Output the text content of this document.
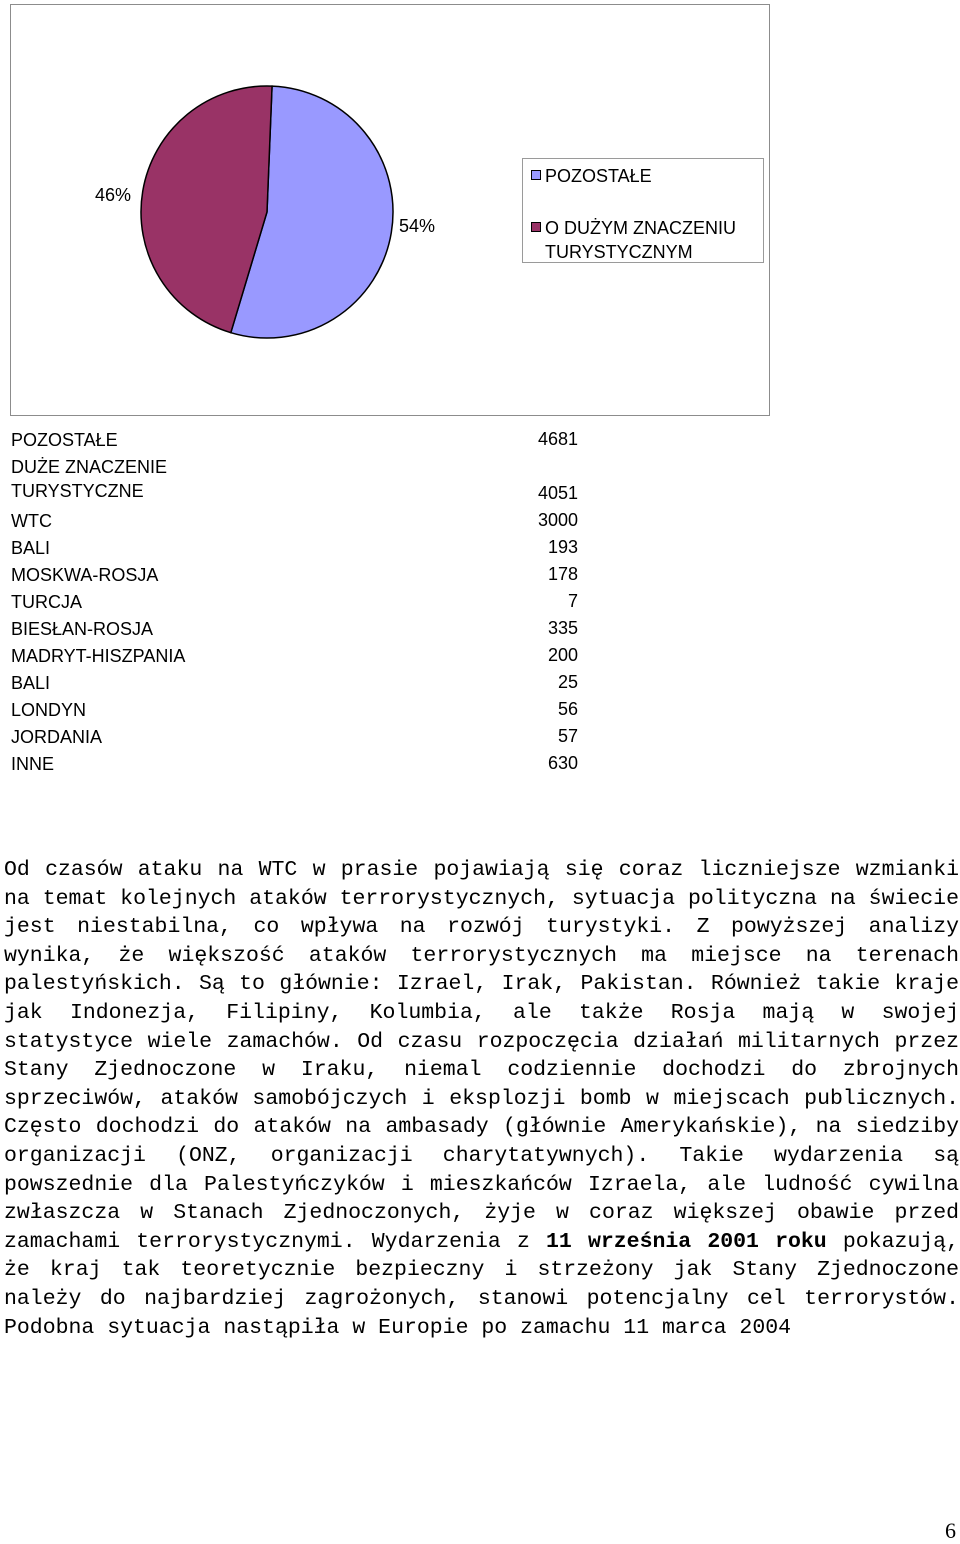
46%
54%
POZOSTAŁE
O DUŻYM ZNACZENIU TURYSTYCZNYM
POZOSTAŁE	4681
DUŻE ZNACZENIE TURYSTYCZNE	4051
WTC	3000
BALI	193
MOSKWA-ROSJA	178
TURCJA	7
BIESŁAN-ROSJA	335
MADRYT-HISZPANIA	200
BALI	25
LONDYN	56
JORDANIA	57
INNE	630

Od czasów ataku na WTC w prasie pojawiają się coraz liczniejsze wzmianki na temat kolejnych ataków terrorystycznych, sytuacja polityczna na świecie jest niestabilna, co wpływa na rozwój turystyki. Z powyższej analizy wynika, że większość ataków terrorystycznych ma miejsce na terenach palestyńskich. Są to głównie: Izrael, Irak, Pakistan. Również takie kraje jak Indonezja, Filipiny, Kolumbia, ale także Rosja mają w swojej statystyce wiele zamachów. Od czasu rozpoczęcia działań militarnych przez Stany Zjednoczone w Iraku, niemal codziennie dochodzi do zbrojnych sprzeciwów, ataków samobójczych i eksplozji bomb w miejscach publicznych. Często dochodzi do ataków na ambasady (głównie Amerykańskie), na siedziby organizacji (ONZ, organizacji charytatywnych). Takie wydarzenia są powszednie dla Palestyńczyków i mieszkańców Izraela, ale ludność cywilna zwłaszcza w Stanach Zjednoczonych, żyje w coraz większej obawie przed zamachami terrorystycznymi. Wydarzenia z 11 września 2001 roku pokazują, że kraj tak teoretycznie bezpieczny i strzeżony jak Stany Zjednoczone należy do najbardziej zagrożonych, stanowi potencjalny cel terrorystów. Podobna sytuacja nastąpiła w Europie po zamachu 11 marca 2004

6
